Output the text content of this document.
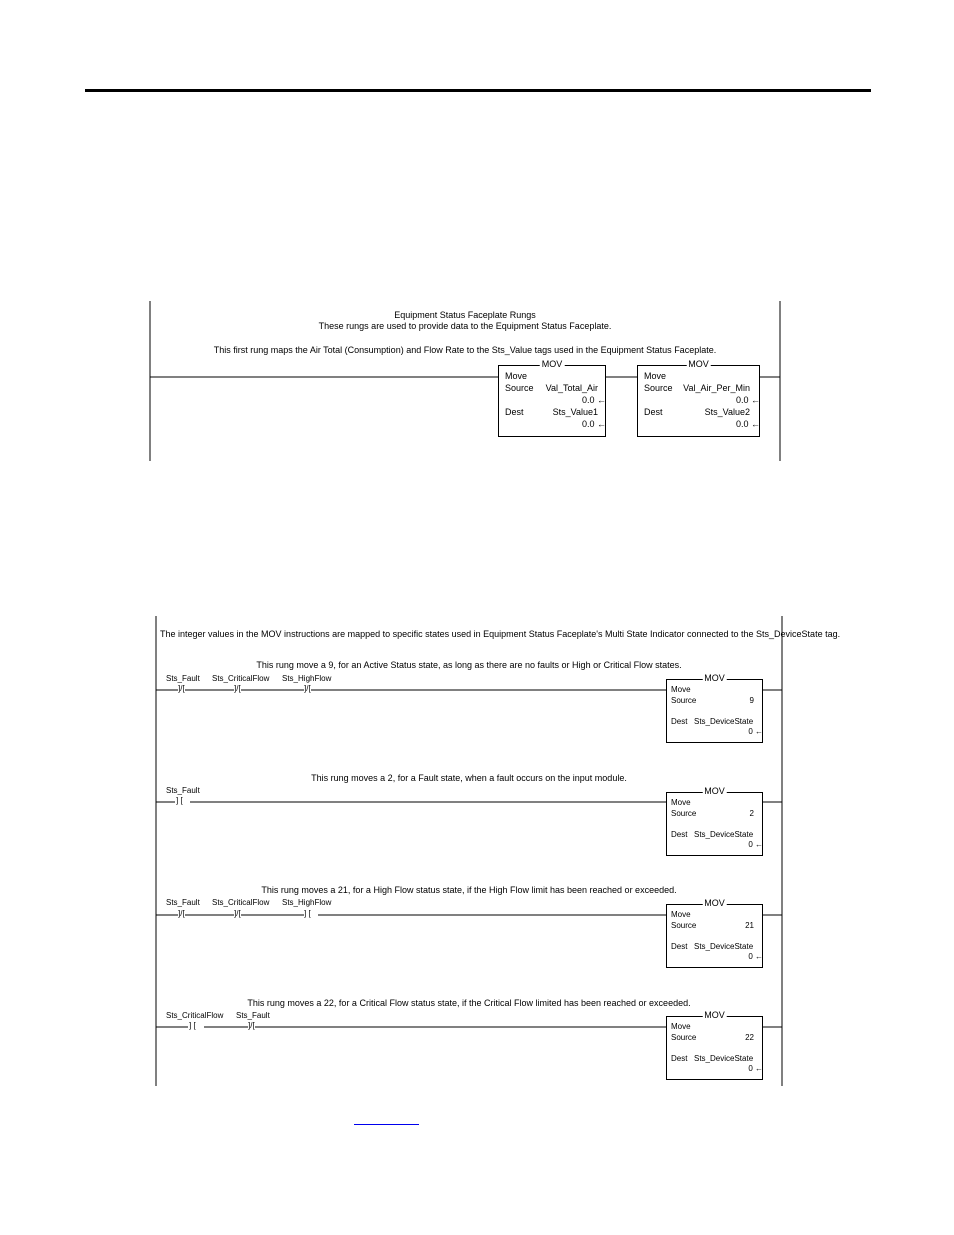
Equipment Status Faceplate Rungs
These rungs are used to provide data to the Equipment Status Faceplate.
This first rung maps the Air Total (Consumption) and Flow Rate to the Sts_Value tags used in the Equipment Status Faceplate.
MOV
Move
Source Val_Total_Air
0.0 ←
Dest	Sts_Value1
0.0 ←
MOV
Move
Source Val_Air_Per_Min
0.0 ←
Dest	Sts_Value2
0.0 ←
The integer values in the MOV instructions are mapped to specific states used in Equipment Status Faceplate's Multi State Indicator connected to the Sts_DeviceState tag.
This rung move a 9, for an Active Status state, as long as there are no faults or High or Critical Flow states.
Sts_Fault
]/[
Sts_CriticalFlow
]/[
Sts_HighFlow
]/[
MOV
Move
Source	9
Dest Sts_DeviceState
0 ←
This rung moves a 2, for a Fault state, when a fault occurs on the input module.
Sts_Fault
] [
MOV
Move
Source	2
Dest Sts_DeviceState
0 ←
This rung moves a 21, for a High Flow status state, if the High Flow limit has been reached or exceeded.
Sts_Fault
]/[
Sts_CriticalFlow
]/[
Sts_HighFlow
] [
MOV
Move
Source	21
Dest Sts_DeviceState
0 ←
This rung moves a 22, for a Critical Flow status state, if the Critical Flow limited has been reached or exceeded.
Sts_CriticalFlow
] [
Sts_Fault
]/[
MOV
Move
Source	22
Dest Sts_DeviceState
0 ←
